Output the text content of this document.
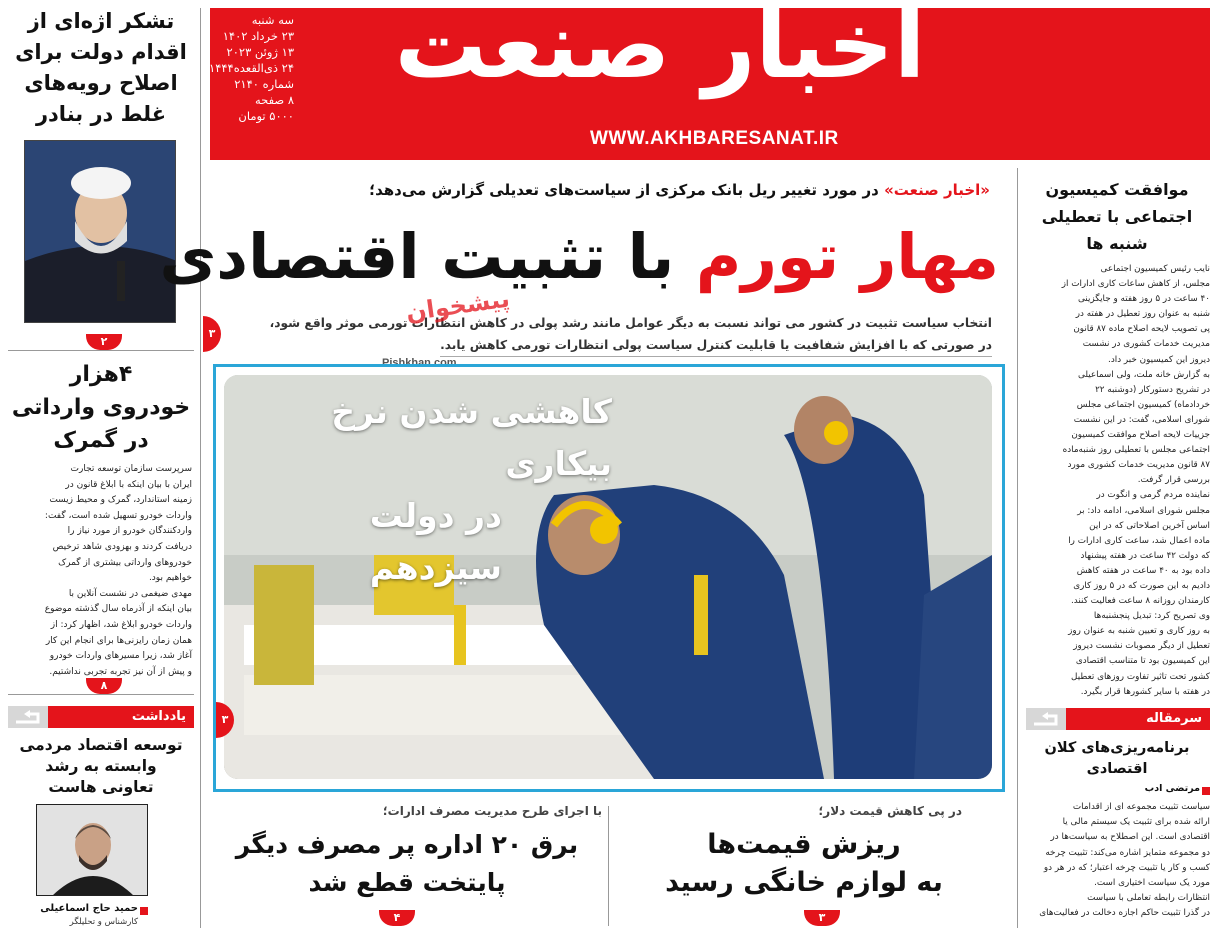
اخبار صنعت
WWW.AKHBARESANAT.IR
سه شنبه
۲۳ خرداد ۱۴۰۲
۱۳ ژوئن ۲۰۲۳
۲۴ ذی‌القعده۱۴۴۴
شماره ۲۱۴۰
۸ صفحه
۵۰۰۰ تومان
تشکر اژه‌ای از
اقدام دولت برای
اصلاح رویه‌های
غلط در بنادر
۲
۴هزار
خودروی وارداتی
در گمرک
سرپرست سازمان توسعه تجارت
ایران با بیان اینکه با ابلاغ قانون در
زمینه استاندارد، گمرک و محیط زیست
واردات خودرو تسهیل شده است، گفت:
واردکنندگان خودرو از مورد نیاز را
دریافت کردند و بهزودی شاهد ترخیص
خودروهای وارداتی بیشتری از گمرک
خواهیم بود.
مهدی ضیغمی در نشست آنلاین با
بیان اینکه از آذرماه سال گذشته موضوع
واردات خودرو ابلاغ شد، اظهار کرد: از
همان زمان رایزنی‌ها برای انجام این کار
آغاز شد، زیرا مسیرهای واردات خودرو
و پیش از آن نیز تجربه تجربی نداشتیم.
۸
یادداشت
توسعه اقتصاد مردمی
وابسته به رشد
تعاونی هاست
حمید حاج اسماعیلی
کارشناس و تحلیلگر
«اخبار صنعت» در مورد تغییر ریل بانک مرکزی از سیاست‌های تعدیلی گزارش می‌دهد؛
مهار تورم با تثبیت اقتصادی
انتخاب سیاست تثبیت در کشور می تواند نسبت به دیگر عوامل مانند رشد پولی در کاهش انتظارات تورمی موثر واقع شود،
در صورتی که با افزایش شفافیت یا قابلیت کنترل سیاست پولی انتظارات تورمی کاهش یابد.
۳
پیشخوان
Pishkhan.com
کاهشی شدن نرخ بیکاری
در دولت سیزدهم
۳
با اجرای طرح مدیریت مصرف ادارات؛
برق ۲۰ اداره پر مصرف دیگر
پایتخت قطع شد
۴
در پی کاهش قیمت دلار؛
ریزش قیمت‌ها
به لوازم خانگی رسید
۳
موافقت کمیسیون
اجتماعی با تعطیلی
شنبه ها
نایب رئیس کمیسیون اجتماعی
مجلس، از کاهش ساعات کاری ادارات از
۴۰ ساعت در ۵ روز هفته و جایگزینی
شنبه به عنوان روز تعطیل در هفته در
پی تصویب لایحه اصلاح ماده ۸۷ قانون
مدیریت خدمات کشوری در نشست
دیروز این کمیسیون خبر داد.
به گزارش خانه ملت، ولی اسماعیلی
در تشریح دستورکار (دوشنبه ۲۲
خردادماه) کمیسیون اجتماعی مجلس
شورای اسلامی، گفت: در این نشست
جزییات لایحه اصلاح موافقت کمیسیون
اجتماعی مجلس با تعطیلی روز شنبه‌ماده
۸۷ قانون مدیریت خدمات کشوری مورد
بررسی قرار گرفت.
نماینده مردم گرمی و انگوت در
مجلس شورای اسلامی، ادامه داد: بر
اساس آخرین اصلاحاتی که در این
ماده اعمال شد، ساعت کاری ادارات را
که دولت ۴۲ ساعت در هفته پیشنهاد
داده بود به ۴۰ ساعت در هفته کاهش
دادیم به این صورت که در ۵ روز کاری
کارمندان روزانه ۸ ساعت فعالیت کنند.
وی تصریح کرد: تبدیل پنجشنبه‌ها
به روز کاری و تعیین شنبه به عنوان روز
تعطیل از دیگر مصوبات نشست دیروز
این کمیسیون بود تا متناسب اقتصادی
کشور تحت تاثیر تفاوت روزهای تعطیل
در هفته با سایر کشورها قرار بگیرد.
سرمقاله
برنامه‌ریزی‌های کلان
اقتصادی
مرتضی ادب
سیاست تثبیت مجموعه ای از اقدامات
ارائه شده برای تثبیت یک سیستم مالی یا
اقتصادی است. این اصطلاح به سیاست‌ها در
دو مجموعه متمایز اشاره می‌کند: تثبیت چرخه
کسب و کار یا تثبیت چرخه اعتبار؛ که در هر دو
مورد یک سیاست اختیاری است.
انتظارات رابطه تعاملی با سیاست
در گذرا تثبیت حاکم اجازه دخالت در فعالیت‌های
